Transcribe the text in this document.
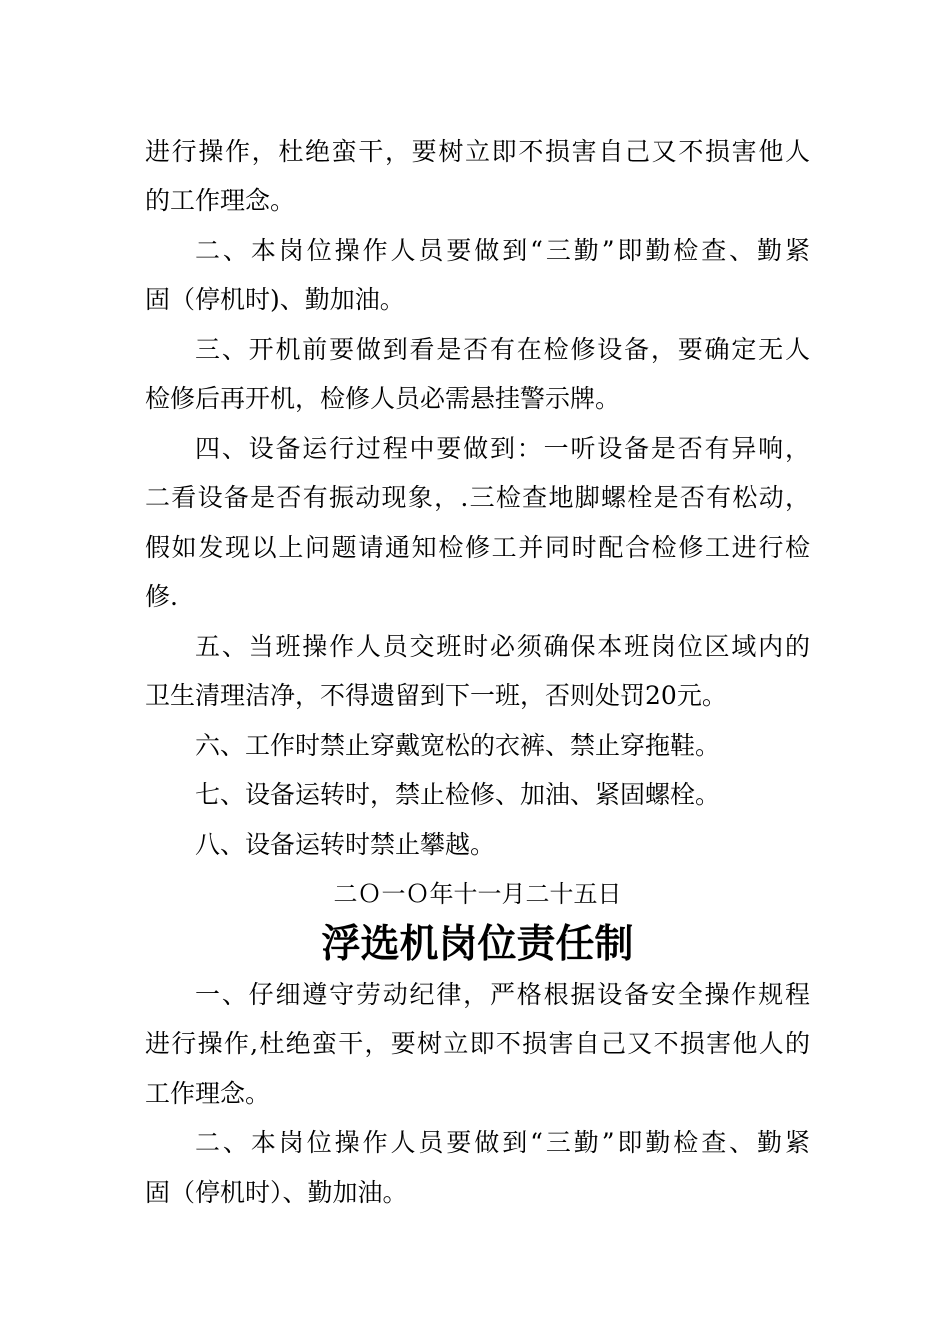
进行操作，杜绝蛮干，要树立即不损害自己又不损害他人
的工作理念。
二、本岗位操作人员要做到“三勤”即勤检查、勤紧
固（停机时)、勤加油。
三、开机前要做到看是否有在检修设备，要确定无人
检修后再开机，检修人员必需悬挂警示牌。
四、设备运行过程中要做到：一听设备是否有异响，
二看设备是否有振动现象，.三检查地脚螺栓是否有松动，
假如发现以上问题请通知检修工并同时配合检修工进行检
修.
五、当班操作人员交班时必须确保本班岗位区域内的
卫生清理洁净，不得遗留到下一班，否则处罚20元。
六、工作时禁止穿戴宽松的衣裤、禁止穿拖鞋。
七、设备运转时，禁止检修、加油、紧固螺栓。
八、设备运转时禁止攀越。
二Ｏ一Ｏ年十一月二十五日
浮选机岗位责任制
一、仔细遵守劳动纪律，严格根据设备安全操作规程
进行操作,杜绝蛮干，要树立即不损害自己又不损害他人的
工作理念。
二、本岗位操作人员要做到“三勤”即勤检查、勤紧
固（停机时）、勤加油。
